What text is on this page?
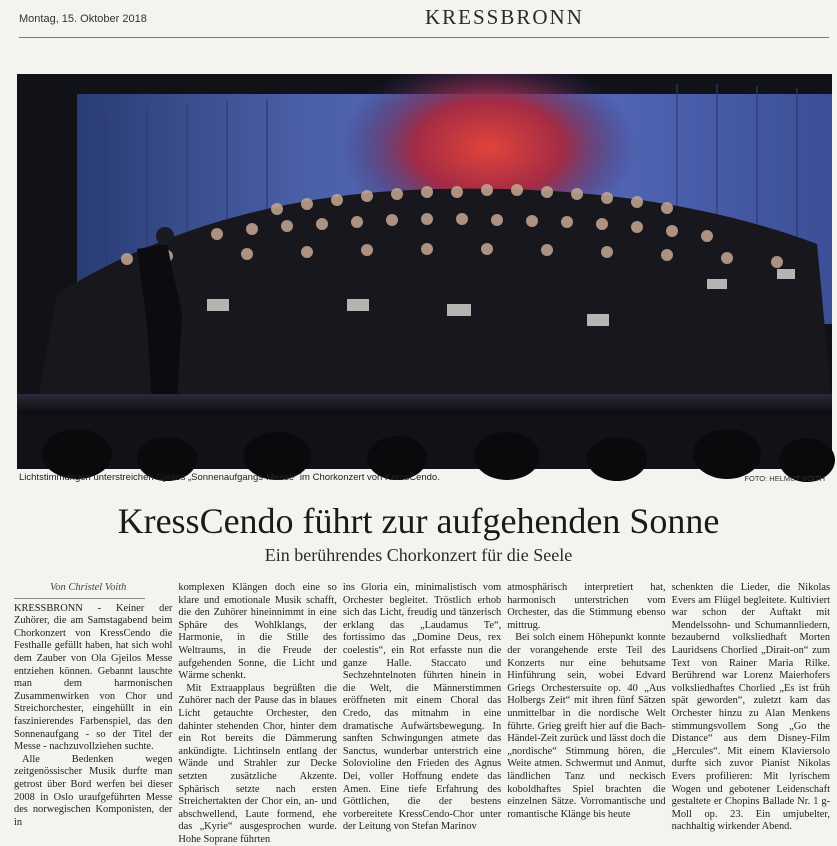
Montag, 15. Oktober 2018	KRESSBRONN
Lichtstimmungen unterstreichen Gjeilos „Sonnenaufgangs-Messe“ im Chorkonzert von KressCendo.	FOTO: HELMUT VOITH
KressCendo führt zur aufgehenden Sonne
Ein berührendes Chorkonzert für die Seele
Von Christel Voith

KRESSBRONN - Keiner der Zuhörer, die am Samstagabend beim Chorkonzert von KressCendo die Festhalle gefüllt haben, hat sich wohl dem Zauber von Ola Gjeilos Messe entziehen können. Gebannt lauschte man dem harmonischen Zusammenwirken von Chor und Streichorchester, eingehüllt in ein faszinierendes Farbenspiel, das den Sonnenaufgang - so der Titel der Messe - nachzuvollziehen suchte.

Alle Bedenken wegen zeitgenössischer Musik durfte man getrost über Bord werfen bei dieser 2008 in Oslo uraufgeführten Messe des norwegischen Komponisten, der in

komplexen Klängen doch eine so klare und emotionale Musik schafft, die den Zuhörer hineinnimmt in eine Sphäre des Wohlklangs, der Harmonie, in die Stille des Weltraums, in die Freude der aufgehenden Sonne, die Licht und Wärme schenkt.

Mit Extraapplaus begrüßten die Zuhörer nach der Pause das in blaues Licht getauchte Orchester, den dahinter stehenden Chor, hinter dem ein Rot bereits die Dämmerung ankündigte. Lichtinseln entlang der Wände und Strahler zur Decke setzten zusätzliche Akzente. Sphärisch setzte nach ersten Streichertakten der Chor ein, an- und abschwellend, Laute formend, ehe das „Kyrie“ ausgesprochen wurde. Hohe Soprane führten

ins Gloria ein, minimalistisch vom Orchester begleitet. Tröstlich erhob sich das Licht, freudig und tänzerisch erklang das „Laudamus Te“, fortissimo das „Domine Deus, rex coelestis“, ein Rot erfasste nun die ganze Halle. Staccato und Sechzehntelnoten führten hinein in die Welt, die Männerstimmen eröffneten mit einem Choral das Credo, das mitnahm in eine dramatische Aufwärtsbewegung. In sanften Schwingungen atmete das Sanctus, wunderbar unterstrich eine Soloviolinе den Frieden des Agnus Dei, voller Hoffnung endete das Amen. Eine tiefe Erfahrung des Göttlichen, die der bestens vorbereitete KressCendo-Chor unter der Leitung von Stefan Marinov

atmosphärisch interpretiert hat, harmonisch unterstrichen vom Orchester, das die Stimmung ebenso mittrug.

Bei solch einem Höhepunkt konnte der vorangehende erste Teil des Konzerts nur eine behutsame Hinführung sein, wobei Edvard Griegs Orchestersuite op. 40 „Aus Holbergs Zeit“ mit ihren fünf Sätzen unmittelbar in die nordische Welt führte. Grieg greift hier auf die Bach-Händel-Zeit zurück und lässt doch die „nordische“ Stimmung hören, die Weite atmen. Schwermut und Anmut, ländlichen Tanz und neckisch koboldhaftes Spiel brachten die einzelnen Sätze. Vorromantische und romantische Klänge bis heute

schenkten die Lieder, die Nikolas Evers am Flügel begleitete. Kultiviert war schon der Auftakt mit Mendelssohn- und Schumannliedern, bezaubernd volksliedhaft Morten Lauridsens Chorlied „Dirait-on“ zum Text von Rainer Maria Rilke. Berührend war Lorenz Maierhofers volksliedhaftes Chorlied „Es ist früh spät geworden“, zuletzt kam das Orchester hinzu zu Alan Menkens stimmungsvollem Song „Go the Distance“ aus dem Disney-Film „Hercules“. Mit einem Klaviersolo durfte sich zuvor Pianist Nikolas Evers profilieren: Mit lyrischem Wogen und gebotener Leidenschaft gestaltete er Chopins Ballade Nr. 1 g-Moll op. 23. Ein umjubelter, nachhaltig wirkender Abend.
